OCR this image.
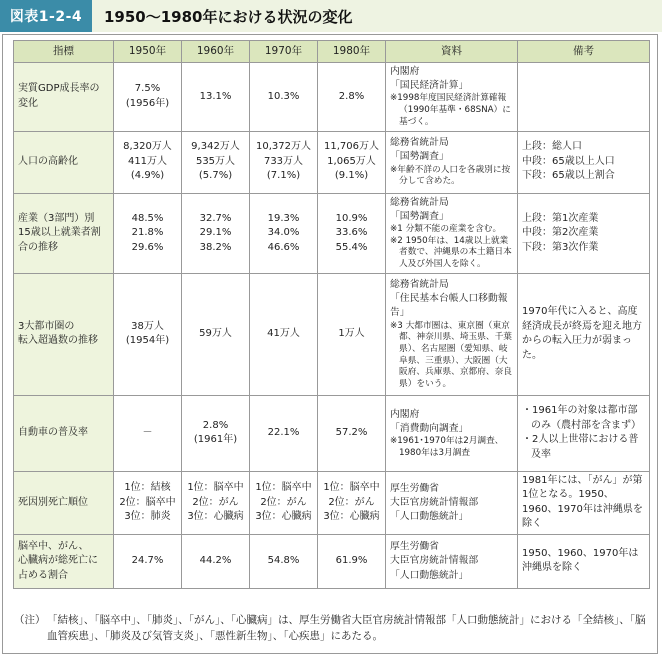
図表1-2-4	1950～1980年における状況の変化
指標	1950年	1960年	1970年	1980年	資料	備考

実質GDP成長率の
変化	7.5%
(1956年)	13.1%	10.3%	2.8%	内閣府
「国民経済計算」
※1998年度国民経済計算確報（1990年基準・68SNA）に基づく。	

人口の高齢化	8,320万人
411万人
(4.9%)	9,342万人
535万人
(5.7%)	10,372万人
733万人
(7.1%)	11,706万人
1,065万人
(9.1%)	総務省統計局
「国勢調査」
※年齢不詳の人口を各歳別に按分して含めた。	上段：総人口
中段：65歳以上人口
下段：65歳以上割合

産業（3部門）別
15歳以上就業者割
合の推移	48.5%
21.8%
29.6%	32.7%
29.1%
38.2%	19.3%
34.0%
46.6%	10.9%
33.6%
55.4%	総務省統計局
「国勢調査」
※1 分類不能の産業を含む。
※2 1950年は、14歳以上就業者数で、沖縄県の本土籍日本人及び外国人を除く。	上段：第1次産業
中段：第2次産業
下段：第3次作業

3大都市圏の
転入超過数の推移	38万人
(1954年)	59万人	41万人	1万人	総務省統計局
「住民基本台帳人口移動報告」
※3 大都市圏は、東京圏（東京都、神奈川県、埼玉県、千葉県）、名古屋圏（愛知県、岐阜県、三重県）、大阪圏（大阪府、兵庫県、京都府、奈良県）をいう。	1970年代に入ると、高度経済成長が終焉を迎え地方からの転入圧力が弱まった。

自動車の普及率	－	2.8%
(1961年)	22.1%	57.2%	内閣府
「消費動向調査」
※1961･1970年は2月調査、1980年は3月調査	・1961年の対象は都市部のみ（農村部を含まず）
・2人以上世帯における普及率

死因別死亡順位	1位：結核
2位：脳卒中
3位：肺炎	1位：脳卒中
2位：がん
3位：心臓病	1位：脳卒中
2位：がん
3位：心臓病	1位：脳卒中
2位：がん
3位：心臓病	厚生労働省
大臣官房統計情報部
「人口動態統計」	1981年には、「がん」が第1位となる。1950、1960、1970年は沖縄県を除く

脳卒中、がん、
心臓病が総死亡に
占める割合	24.7%	44.2%	54.8%	61.9%	厚生労働省
大臣官房統計情報部
「人口動態統計」	1950、1960、1970年は沖縄県を除く
（注） 「結核」、「脳卒中」、「肺炎」、「がん」、「心臓病」は、厚生労働省大臣官房統計情報部「人口動態統計」における「全結核」、「脳血管疾患」、「肺炎及び気管支炎」、「悪性新生物」、「心疾患」にあたる。
